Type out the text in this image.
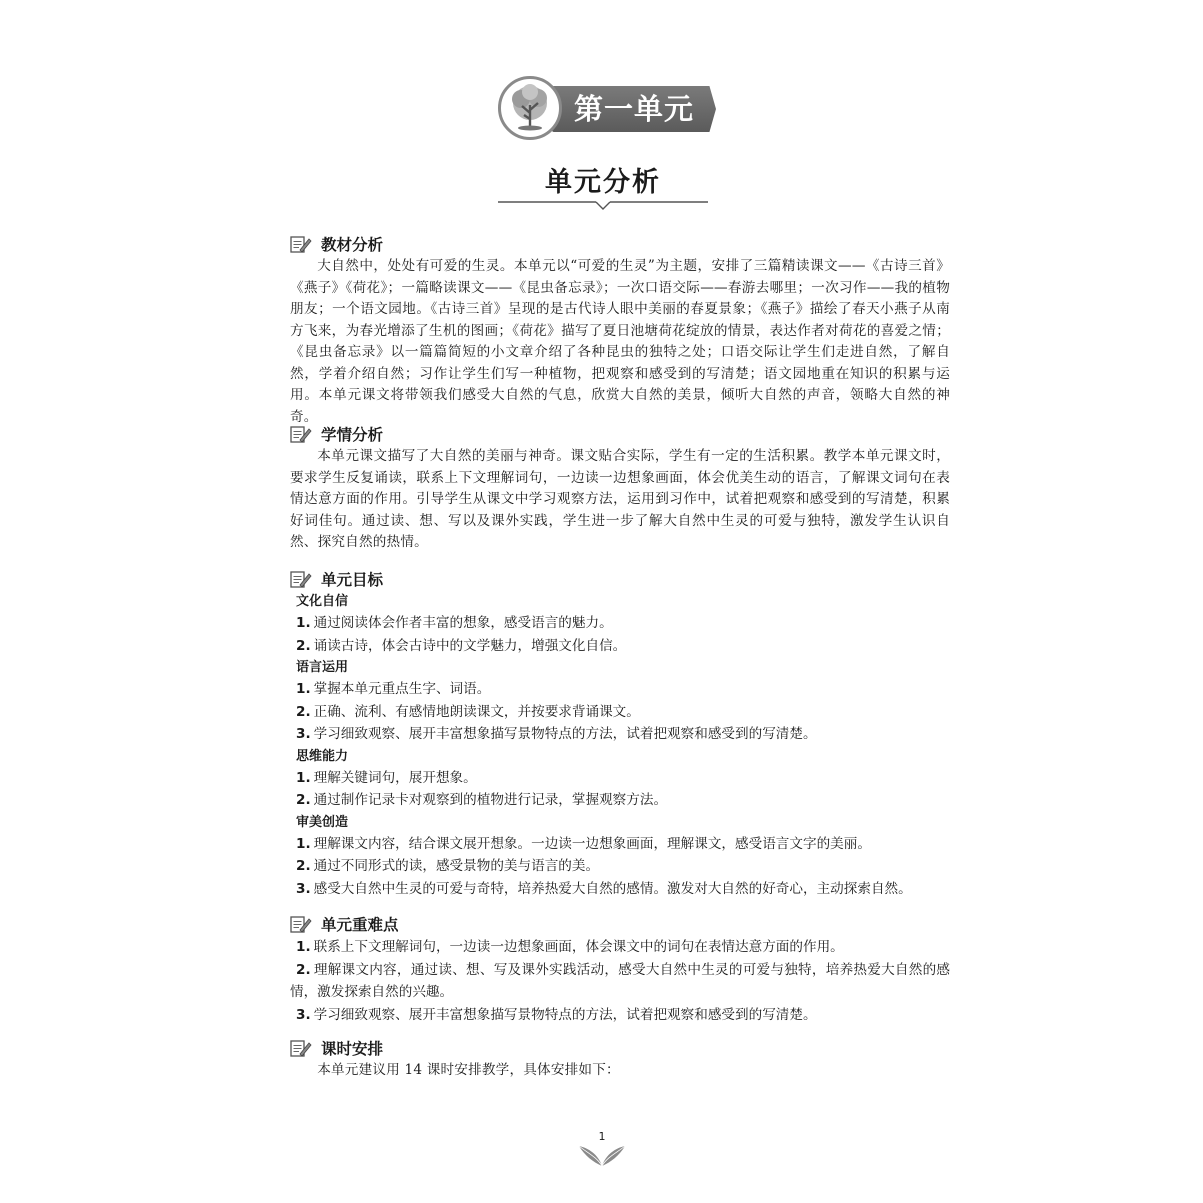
第一单元
单元分析
教材分析

大自然中，处处有可爱的生灵。本单元以“可爱的生灵”为主题，安排了三篇精读课文——《古诗三首》《燕子》《荷花》；一篇略读课文——《昆虫备忘录》；一次口语交际——春游去哪里；一次习作——我的植物朋友；一个语文园地。《古诗三首》呈现的是古代诗人眼中美丽的春夏景象；《燕子》描绘了春天小燕子从南方飞来，为春光增添了生机的图画；《荷花》描写了夏日池塘荷花绽放的情景，表达作者对荷花的喜爱之情；《昆虫备忘录》以一篇篇简短的小文章介绍了各种昆虫的独特之处；口语交际让学生们走进自然，了解自然，学着介绍自然；习作让学生们写一种植物，把观察和感受到的写清楚；语文园地重在知识的积累与运用。本单元课文将带领我们感受大自然的气息，欣赏大自然的美景，倾听大自然的声音，领略大自然的神奇。

学情分析

本单元课文描写了大自然的美丽与神奇。课文贴合实际，学生有一定的生活积累。教学本单元课文时，要求学生反复诵读，联系上下文理解词句，一边读一边想象画面，体会优美生动的语言，了解课文词句在表情达意方面的作用。引导学生从课文中学习观察方法，运用到习作中，试着把观察和感受到的写清楚，积累好词佳句。通过读、想、写以及课外实践，学生进一步了解大自然中生灵的可爱与独特，激发学生认识自然、探究自然的热情。

单元目标

文化自信

1. 通过阅读体会作者丰富的想象，感受语言的魅力。

2. 诵读古诗，体会古诗中的文学魅力，增强文化自信。

语言运用

1. 掌握本单元重点生字、词语。

2. 正确、流利、有感情地朗读课文，并按要求背诵课文。

3. 学习细致观察、展开丰富想象描写景物特点的方法，试着把观察和感受到的写清楚。

思维能力

1. 理解关键词句，展开想象。

2. 通过制作记录卡对观察到的植物进行记录，掌握观察方法。

审美创造

1. 理解课文内容，结合课文展开想象。一边读一边想象画面，理解课文，感受语言文字的美丽。

2. 通过不同形式的读，感受景物的美与语言的美。

3. 感受大自然中生灵的可爱与奇特，培养热爱大自然的感情。激发对大自然的好奇心，主动探索自然。

单元重难点

1. 联系上下文理解词句，一边读一边想象画面，体会课文中的词句在表情达意方面的作用。

2. 理解课文内容，通过读、想、写及课外实践活动，感受大自然中生灵的可爱与独特，培养热爱大自然的感情，激发探索自然的兴趣。

3. 学习细致观察、展开丰富想象描写景物特点的方法，试着把观察和感受到的写清楚。

课时安排

本单元建议用 14 课时安排教学，具体安排如下：

1
